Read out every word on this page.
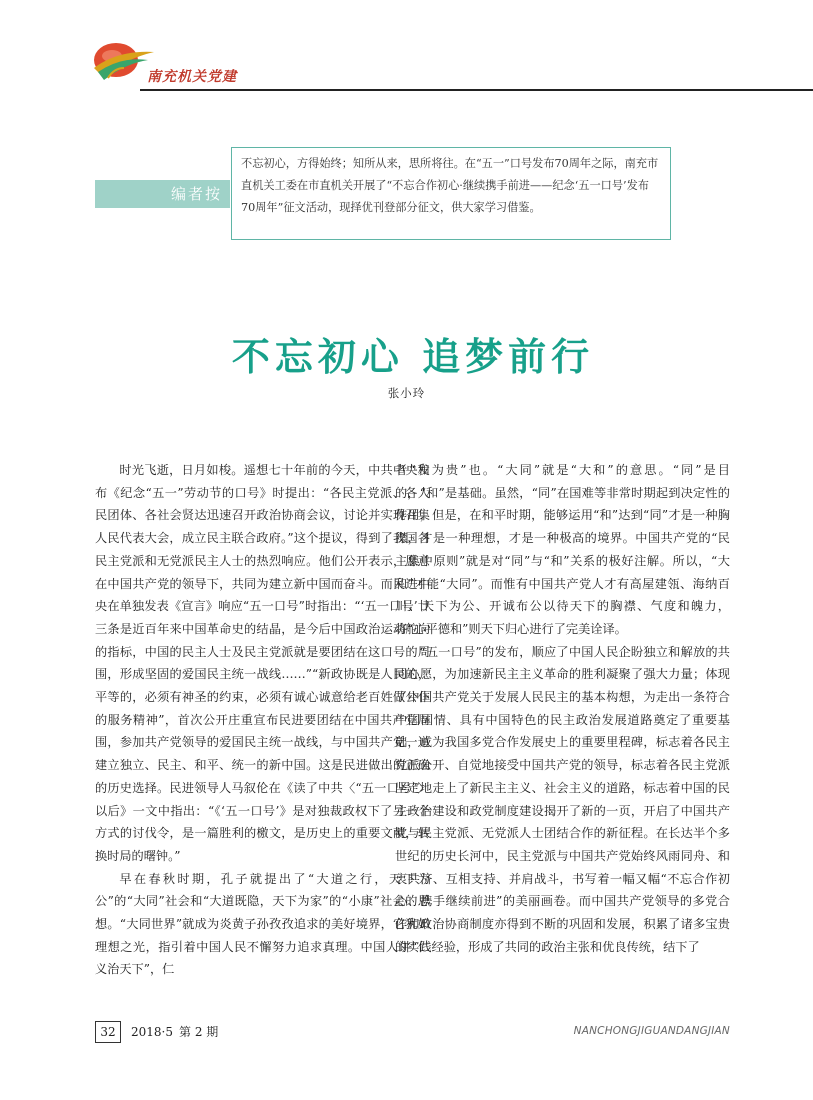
南充机关党建
编者按
不忘初心，方得始终；知所从来，思所将往。在“五一”口号发布70周年之际，南充市直机关工委在市直机关开展了“不忘合作初心·继续携手前进——纪念‘五一口号’发布70周年”征文活动，现择优刊登部分征文，供大家学习借鉴。
不忘初心 追梦前行
张小玲

时光飞逝，日月如梭。遥想七十年前的今天，中共中央发布《纪念“五一”劳动节的口号》时提出：“各民主党派、各人民团体、各社会贤达迅速召开政治协商会议，讨论并实现召集人民代表大会，成立民主联合政府。”这个提议，得到了我国各民主党派和无党派民主人士的热烈响应。他们公开表示，愿意在中国共产党的领导下，共同为建立新中国而奋斗。而民进中央在单独发表《宣言》响应“五一口号”时指出：“‘五一口号’廿三条是近百年来中国革命史的结晶，是今后中国政治运动舵向的指标，中国的民主人士及民主党派就是要团结在这口号的周围，形成坚固的爱国民主统一战线……”“新政协既是人民的，平等的，必须有神圣的约束，必须有诚心诚意给老百姓做公仆的服务精神”，首次公开庄重宣布民进要团结在中国共产党周围，参加共产党领导的爱国民主统一战线，与中国共产党一道建立独立、民主、和平、统一的新中国。这是民进做出的正确的历史选择。民进领导人马叙伦在《读了中共〈“五一口号”〉以后》一文中指出：“《‘五一口号’》是对独裁政权下了另一个方式的讨伐令，是一篇胜利的檄文，是历史上的重要文献，转换时局的曙钟。”

早在春秋时期，孔子就提出了“大道之行，天下为公”的“大同”社会和“大道既隐，天下为家”的“小康”社会的思想。“大同世界”就成为炎黄子孙孜孜追求的美好境界，它犹如理想之光，指引着中国人民不懈努力追求真理。中国人讲“仁义治天下”，仁

者“和为贵”也。“大同”就是“大和”的意思。“同”是目的，“和”是基础。虽然，“同”在国难等非常时期起到决定性的作用，但是，在和平时期，能够运用“和”达到“同”才是一种胸襟，才是一种理想，才是一种极高的境界。中国共产党的“民主集中原则”就是对“同”与“和”关系的极好注解。所以，“大和”才能“大同”。而惟有中国共产党人才有高屋建瓴、海纳百川、天下为公、开诚布公以待天下的胸襟、气度和魄力，将“心平德和”则天下归心进行了完美诠译。

“五一口号”的发布，顺应了中国人民企盼独立和解放的共同心愿，为加速新民主主义革命的胜利凝聚了强大力量；体现了中国共产党关于发展人民民主的基本构想，为走出一条符合中国国情、具有中国特色的民主政治发展道路奠定了重要基础，成为我国多党合作发展史上的重要里程碑，标志着各民主党派公开、自觉地接受中国共产党的领导，标志着各民主党派坚定地走上了新民主主义、社会主义的道路，标志着中国的民主政治建设和政党制度建设揭开了新的一页，开启了中国共产党与民主党派、无党派人士团结合作的新征程。在长达半个多世纪的历史长河中，民主党派与中国共产党始终风雨同舟、和衷共济、互相支持、并肩战斗，书写着一幅又幅“不忘合作初心、携手继续前进”的美丽画卷。而中国共产党领导的多党合作和政治协商制度亦得到不断的巩固和发展，积累了诸多宝贵的实践经验，形成了共同的政治主张和优良传统，结下了

32	2018·5 第 2 期	NANCHONGJIGUANDANGJIAN
